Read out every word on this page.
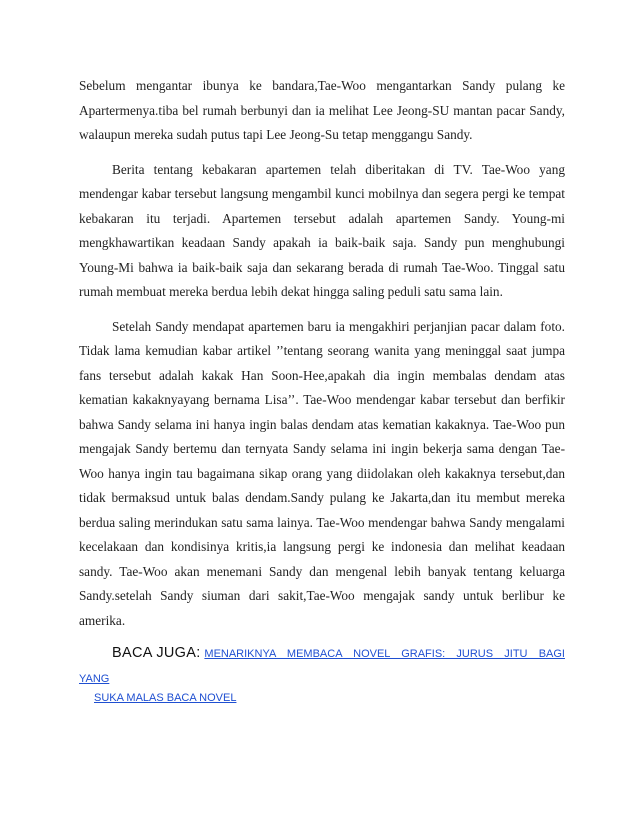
Sebelum mengantar ibunya ke bandara,Tae-Woo mengantarkan Sandy pulang ke Apartermenya.tiba bel rumah berbunyi dan ia melihat Lee Jeong-SU mantan pacar Sandy, walaupun mereka sudah putus tapi Lee Jeong-Su tetap menggangu Sandy.

Berita tentang kebakaran apartemen telah diberitakan di TV. Tae-Woo yang mendengar kabar tersebut langsung mengambil kunci mobilnya dan segera pergi ke tempat kebakaran itu terjadi. Apartemen tersebut adalah apartemen Sandy. Young-mi mengkhawartikan keadaan Sandy apakah ia baik-baik saja. Sandy pun menghubungi Young-Mi bahwa ia baik-baik saja dan sekarang berada di rumah Tae-Woo. Tinggal satu rumah membuat mereka berdua lebih dekat hingga saling peduli satu sama lain.

Setelah Sandy mendapat apartemen baru ia mengakhiri perjanjian pacar dalam foto. Tidak lama kemudian kabar artikel ’’tentang seorang wanita yang meninggal saat jumpa fans tersebut adalah kakak Han Soon-Hee,apakah dia ingin membalas dendam atas kematian kakaknyayang bernama Lisa’’. Tae-Woo mendengar kabar tersebut dan berfikir bahwa Sandy selama ini hanya ingin balas dendam atas kematian kakaknya. Tae-Woo pun mengajak Sandy bertemu dan ternyata Sandy selama ini ingin bekerja sama dengan Tae-Woo hanya ingin tau bagaimana sikap orang yang diidolakan oleh kakaknya tersebut,dan tidak bermaksud untuk balas dendam.Sandy pulang ke Jakarta,dan itu membut mereka berdua saling merindukan satu sama lainya. Tae-Woo mendengar bahwa Sandy mengalami kecelakaan dan kondisinya kritis,ia langsung pergi ke indonesia dan melihat keadaan sandy. Tae-Woo akan menemani Sandy dan mengenal lebih banyak tentang keluarga Sandy.setelah Sandy siuman dari sakit,Tae-Woo mengajak sandy untuk berlibur ke amerika.

BACA JUGA: MENARIKNYA MEMBACA NOVEL GRAFIS: JURUS JITU BAGI YANG
SUKA MALAS BACA NOVEL
